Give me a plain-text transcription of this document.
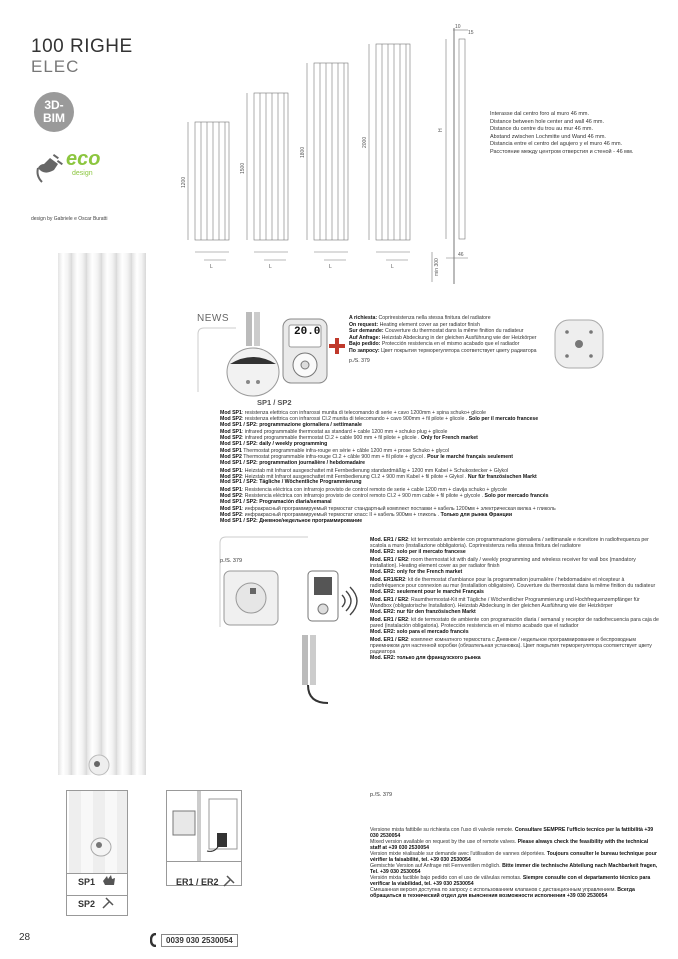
100 RIGHE
ELEC
3D-
BIM
eco
design
design by Gabriele e Oscar Buratti
1200
1500
1800
2000
L	L	L	L
H
10
15
46
min 300
Interasse dal centro foro al muro 46 mm.
Distance between hole center and wall 46 mm.
Distance du centre du trou au mur 46 mm.
Abstand zwischen Lochmitte und Wand 46 mm.
Distancia entre el centro del agujero y el muro 46 mm.
Расстояние между центром отверстия и стеной - 46 мм.
NEWS
20.0
SP1 / SP2
A richiesta: Copriresistenza nella stessa finitura del radiatore
On request: Heating element cover as per radiator finish
Sur demande: Couverture du thermostat dans la même finition du radiateur
Auf Anfrage: Heizstab Abdeckung in der gleichen Ausführung wie der Heizkörper
Bajo pedido: Protección resistencia en el mismo acabado que el radiador
По запросу: Цвет покрытия терморегулятора соответствует цвету радиатора
p./S. 379
Mod SP1: resistenza elettrica con infrarossi munita di telecomando di serie + cavo 1200mm + spina schuko+ glicole
Mod SP2: resistenza elettrica con infrarossi Cl.2 munita di telecomando + cavo 900mm + fil pilote + glicole . Solo per il mercato francese
Mod SP1 / SP2: programmazione giornaliera / settimanale
Mod SP1: infrared programmable thermostat as standard + cable 1200 mm + schuko plug + glicole
Mod SP2: infrared programmable thermostat Cl.2 + cable 900 mm + fil pilote + glicole . Only for French market
Mod SP1 / SP2: daily / weekly programming
Mod SP1 Thermostat programmable infra-rouge en série + câble 1200 mm + prose Schuko + glycol
Mod SP2 Thermostat programmable infra-rouge Cl.2 + câble 900 mm + fil pilote + glycol . Pour le marché français seulement
Mod SP1 / SP2: programmation journalière / hebdomadaire
Mod SP1: Heizstab mit Infrarot ausgeschattet mit Fernbedienung standardmäßig + 1200 mm Kabel + Schukostecker + Glykol
Mod SP2: Heizstab mit Infrarot ausgeschattet mit Fernbedienung Cl.2 + 900 mm Kabel + fil pilote + Glykol . Nur für französischen Markt
Mod SP1 / SP2: Tägliche / Wöchentliche Programmierung
Mod SP1: Resistencia eléctrica con infrarrojo provisto de control remoto de serie + cable 1200 mm + clavija schuko + glycole
Mod SP2: Resistencia eléctrica con infrarrojo provisto de control remoto Cl.2 + 900 mm cable + fil pilote + glycole . Solo por mercado francés
Mod SP1 / SP2: Programación diaria/semanal
Mod SP1: инфракрасный программируемый термостат стандартный комплект поставки + кабель 1200мм + электрическая вилка + гликоль
Mod SP2: инфракрасный программируемый термостат класс II + кабель 900мм + гликоль . Только для рынка Франции
Mod SP1 / SP2: Дневное/недельное программирование
p./S. 379
Mod. ER1 / ER2: kit termostato ambiente con programmazione giornaliera / settimanale e ricevitore in radiofrequenza per scatola a muro (installazione obbligatoria). Copriresistenza nella stessa finitura del radiatore
Mod. ER2: solo per il mercato francese
Mod. ER1 / ER2: room thermostat kit with daily / weekly programming and wireless receiver for wall box (mandatory installation). Heating element cover as per radiator finish
Mod. ER2: only for the French market
Mod. ER1/ER2: kit de thermostat d'ambiance pour la programmation journalière / hebdomadaire et récepteur à radiofréquence pour connexion au mur (installation obligatoire). Couverture du thermostat dans la même finition du radiateur
Mod. ER2: seulement pour le marché Français
Mod. ER1 / ER2: Raumthermostat-Kit mit Tägliche / Wöchentlicher Programmierung und Hochfrequenzempfänger für Wandbox (obligatorische Installation). Heizstab Abdeckung in der gleichen Ausführung wie der Heizkörper
Mod. ER2: nur für den französischen Markt
Mod. ER1 / ER2: kit de termostato de ambiente con programación diaria / semanal y receptor de radiofrecuencia para caja de pared (instalación obligatoria). Protección resistencia en el mismo acabado que el radiador
Mod. ER2: solo para el mercado francés
Mod. ER1 / ER2: комплект комнатного термостата с Дневное / недельное программирование и беспроводным приемником для настенной коробки (обязательная установка). Цвет покрытия терморегулятора соответствует цвету радиатора
Mod. ER2: только для французского рынка
p./S. 379
Versione mista fattibile su richiesta con l'uso di valvole remote. Consultare SEMPRE l'ufficio tecnico per la fattibilità +39 030 2530054
Mixed version available on request by the use of remote valves. Please always check the feasibility with the technical staff at +39 030 2530054
Version mixte réalisable sur demande avec l'utilisation de vannes déportées. Toujours consulter le bureau technique pour vérifier la faisabilité, tel. +39 030 2530054
Gemischte Version auf Anfrage mit Fernventilen möglich. Bitte immer die technische Abteilung nach Machbarkeit fragen, Tel. +39 030 2530054
Versión mixta factible bajo pedido con el uso de válvulas remotas. Siempre consulte con el departamento técnico para verificar la viabilidad, tel. +39 030 2530054
Смешанная версия доступна по запросу с использованием клапанов с дистанционным управлением. Всегда обращаться в технический отдел для выяснения возможности исполнения +39 030 2530054
SP1
SP2
ER1 / ER2
28	0039 030 2530054
